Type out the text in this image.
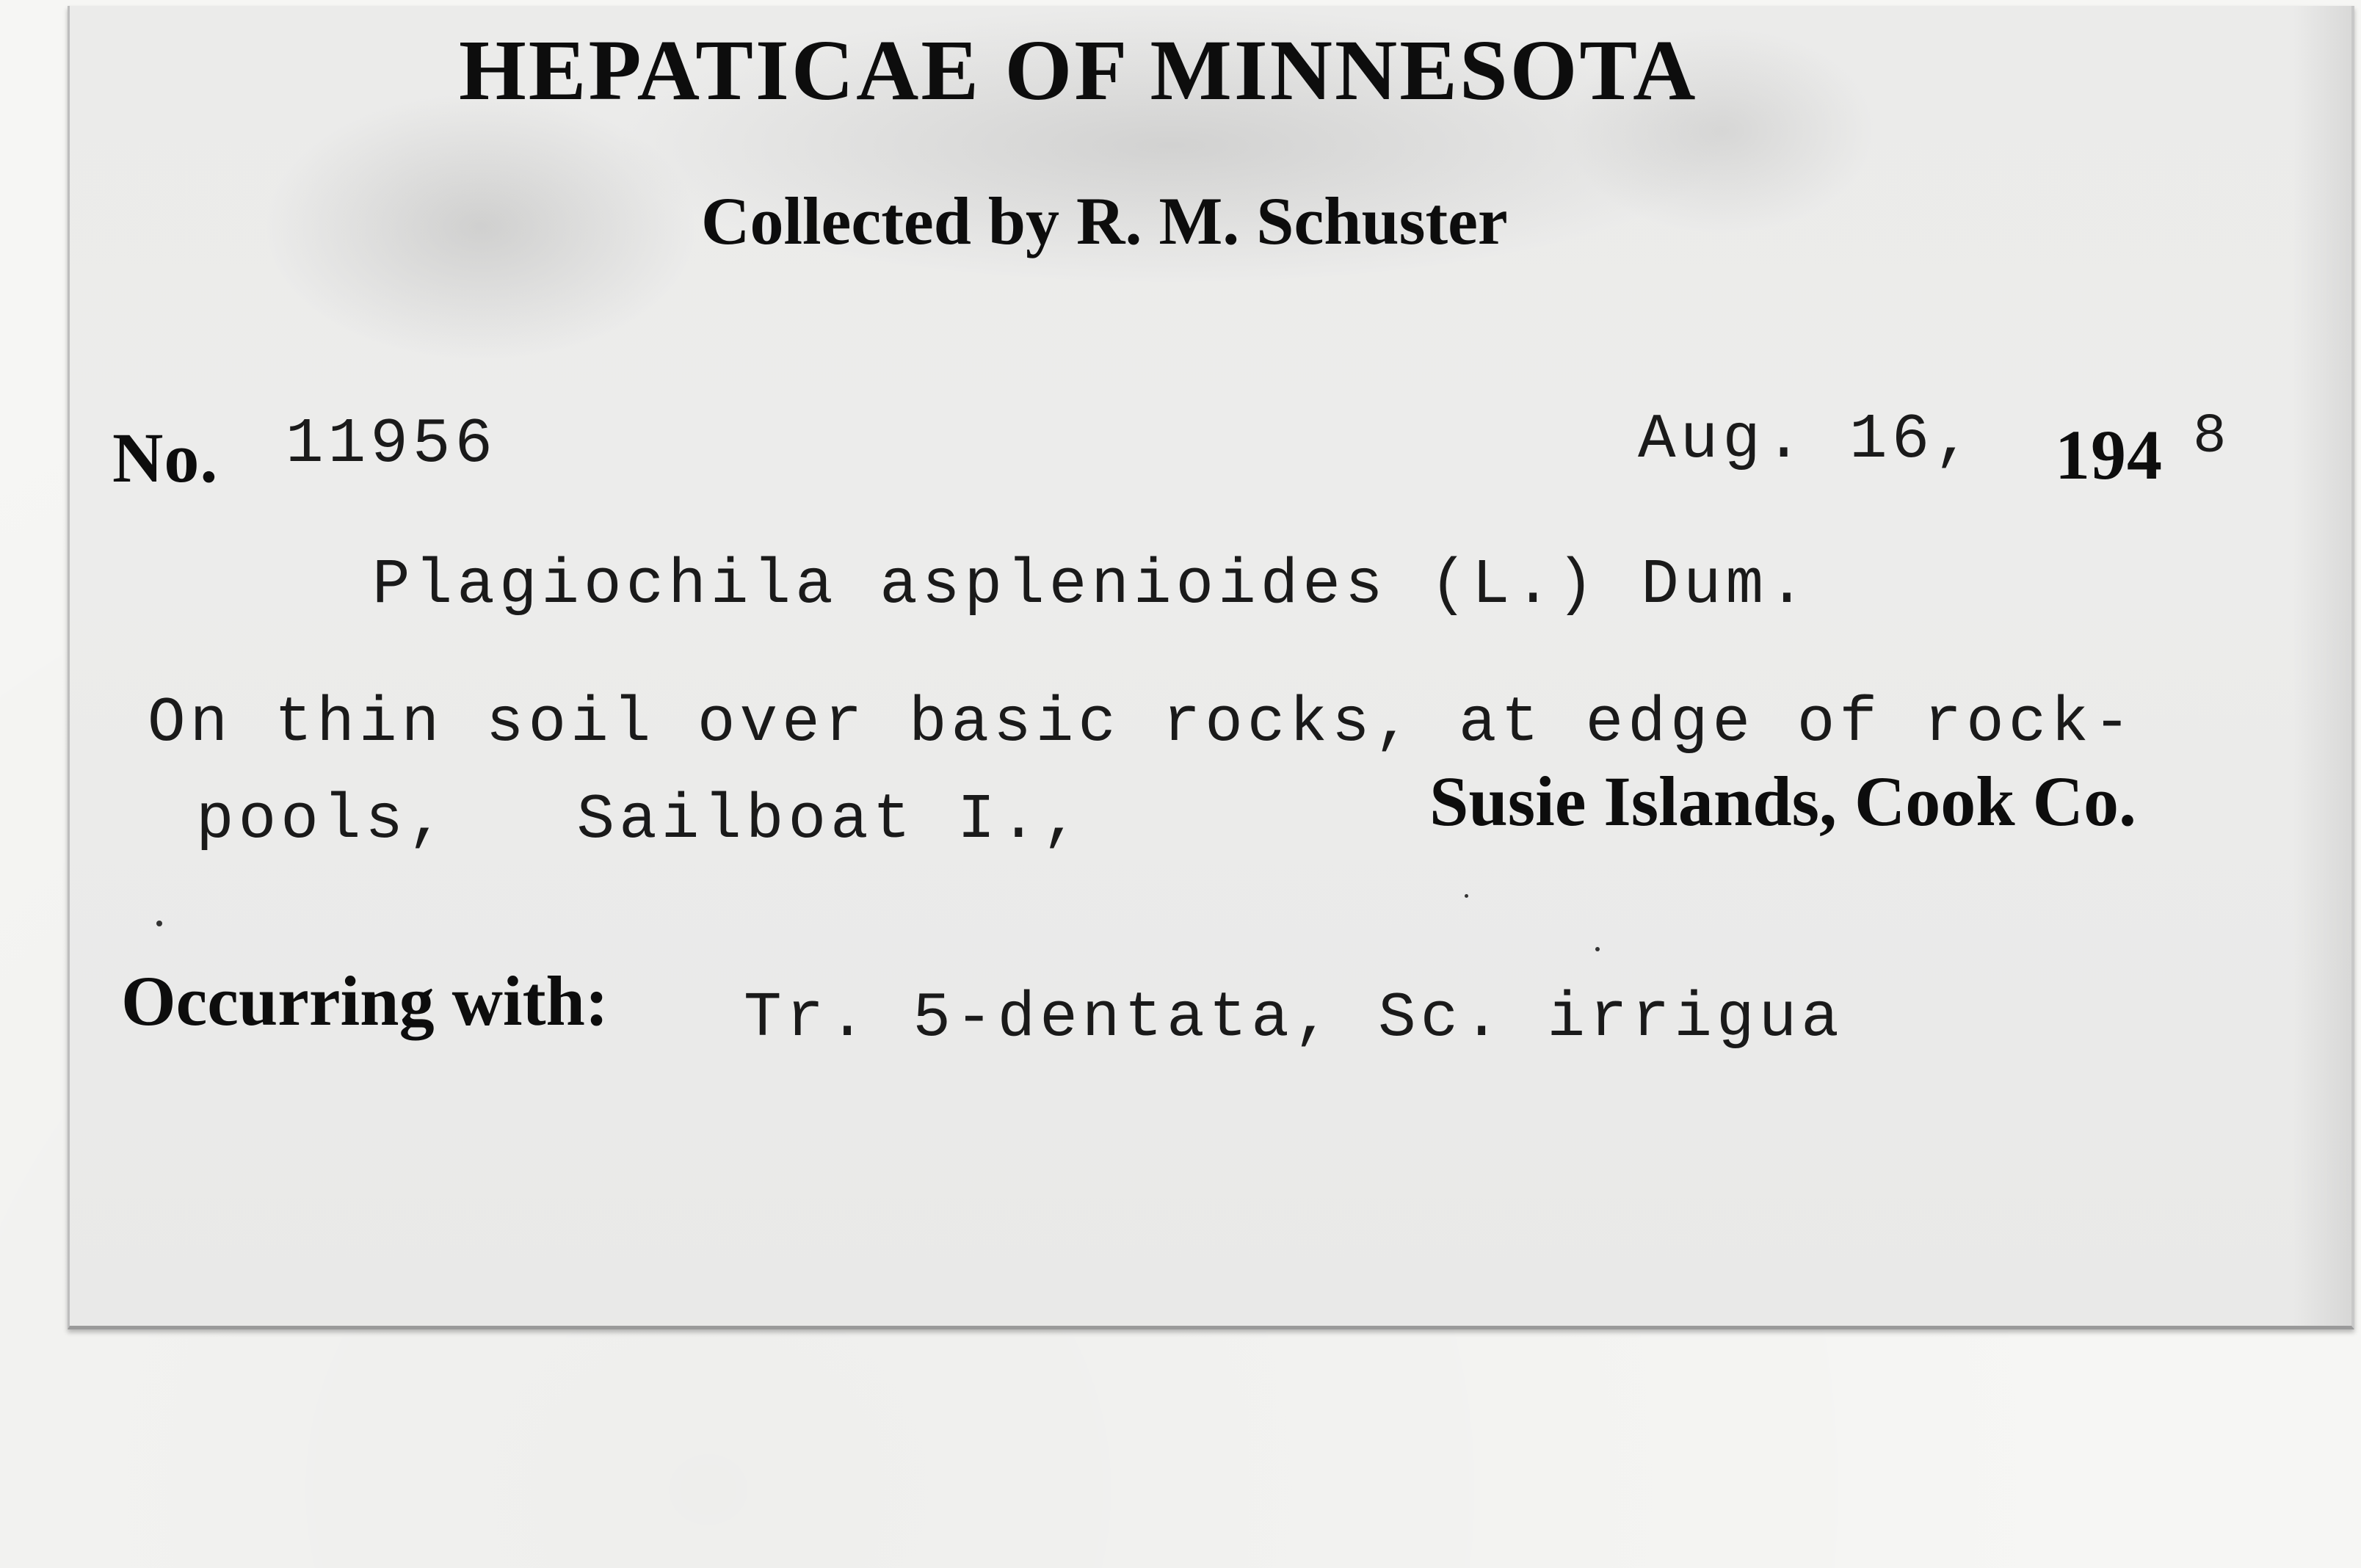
HEPATICAE OF MINNESOTA
Collected by R. M. Schuster
No. 11956	Aug. 16, 194 8
Plagiochila asplenioides (L.) Dum.
On thin soil over basic rocks, at edge of rock-
pools,   Sailboat I.,	Susie Islands, Cook Co.
Occurring with: Tr. 5-dentata, Sc. irrigua
